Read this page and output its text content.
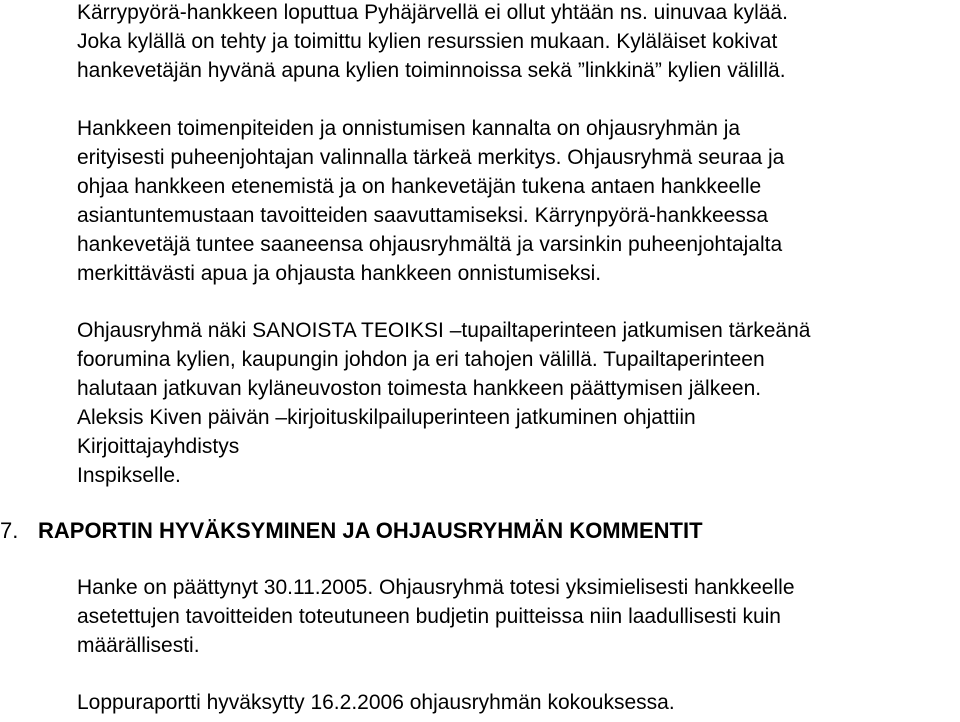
Kärrypyörä-hankkeen loputtua Pyhäjärvellä ei ollut yhtään ns. uinuvaa kylää.

Joka kylällä on tehty ja toimittu kylien resurssien mukaan. Kyläläiset kokivat

hankevetäjän hyvänä apuna kylien toiminnoissa sekä ”linkkinä” kylien välillä.

Hankkeen toimenpiteiden ja onnistumisen kannalta on ohjausryhmän ja

erityisesti puheenjohtajan valinnalla tärkeä merkitys. Ohjausryhmä seuraa ja

ohjaa hankkeen etenemistä ja on hankevetäjän tukena antaen hankkeelle

asiantuntemustaan tavoitteiden saavuttamiseksi. Kärrynpyörä-hankkeessa

hankevetäjä tuntee saaneensa ohjausryhmältä ja varsinkin puheenjohtajalta

merkittävästi apua ja ohjausta hankkeen onnistumiseksi.

Ohjausryhmä näki SANOISTA TEOIKSI –tupailtaperinteen jatkumisen tärkeänä

foorumina kylien, kaupungin johdon ja eri tahojen välillä. Tupailtaperinteen

halutaan jatkuvan kyläneuvoston toimesta hankkeen päättymisen jälkeen.

Aleksis Kiven päivän –kirjoituskilpailuperinteen jatkuminen ohjattiin

Kirjoittajayhdistys

Inspikselle.

7. RAPORTIN HYVÄKSYMINEN JA OHJAUSRYHMÄN KOMMENTIT

Hanke on päättynyt 30.11.2005. Ohjausryhmä totesi yksimielisesti hankkeelle

asetettujen tavoitteiden toteutuneen budjetin puitteissa niin laadullisesti kuin

määrällisesti.

Loppuraportti hyväksytty 16.2.2006 ohjausryhmän kokouksessa.
